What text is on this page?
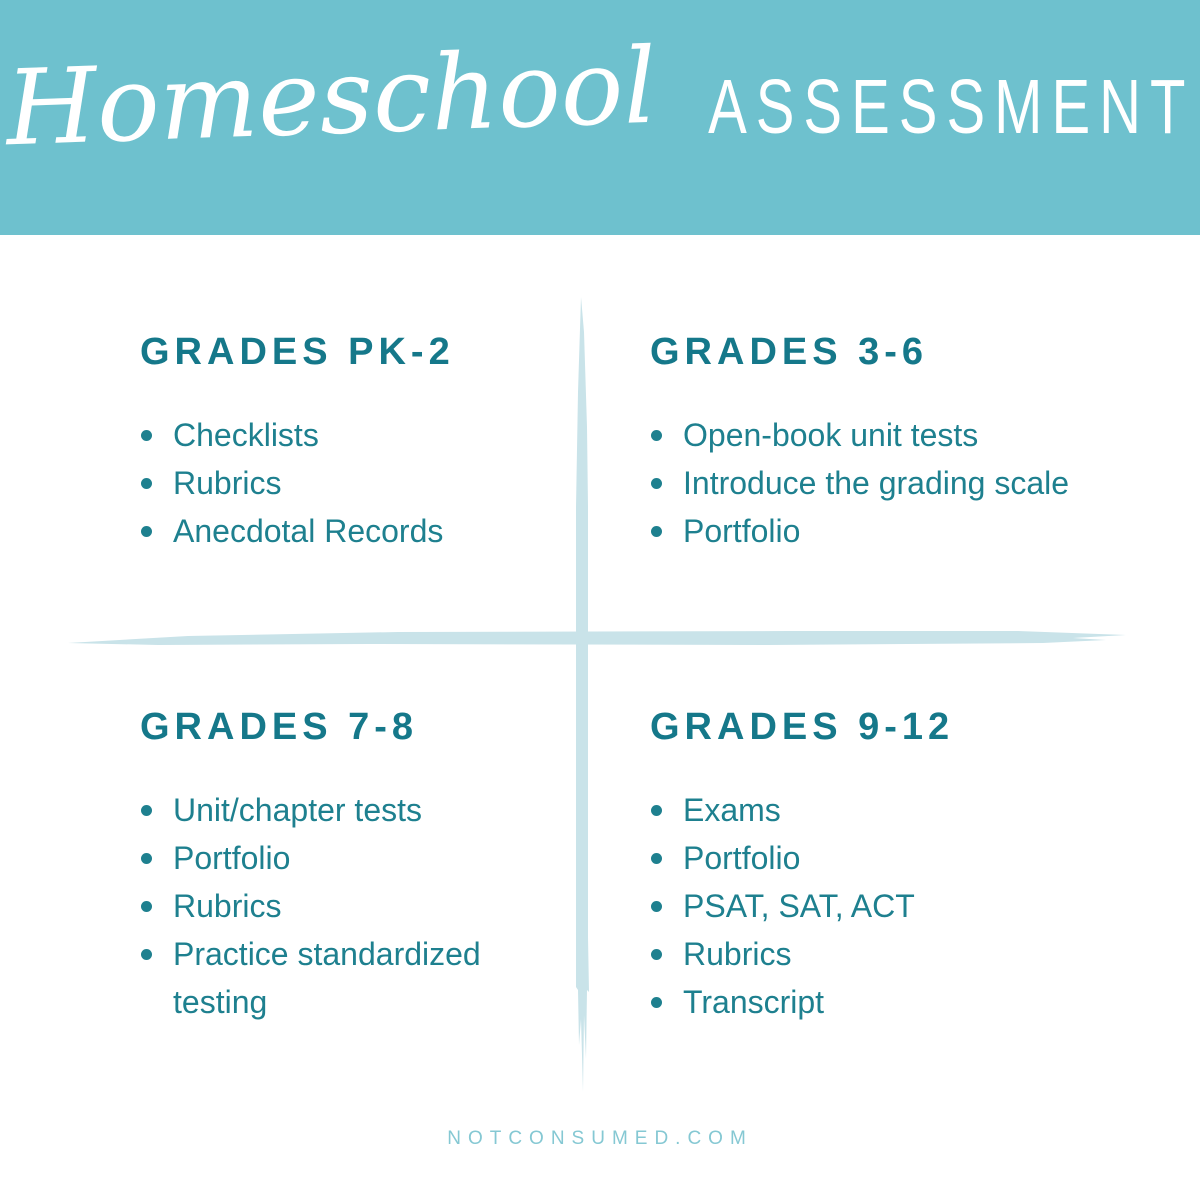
Homeschool ASSESSMENT
GRADES PK-2
Checklists
Rubrics
Anecdotal Records
GRADES 3-6
Open-book unit tests
Introduce the grading scale
Portfolio
GRADES 7-8
Unit/chapter tests
Portfolio
Rubrics
Practice standardized testing
GRADES 9-12
Exams
Portfolio
PSAT, SAT, ACT
Rubrics
Transcript
NOTCONSUMED.COM
